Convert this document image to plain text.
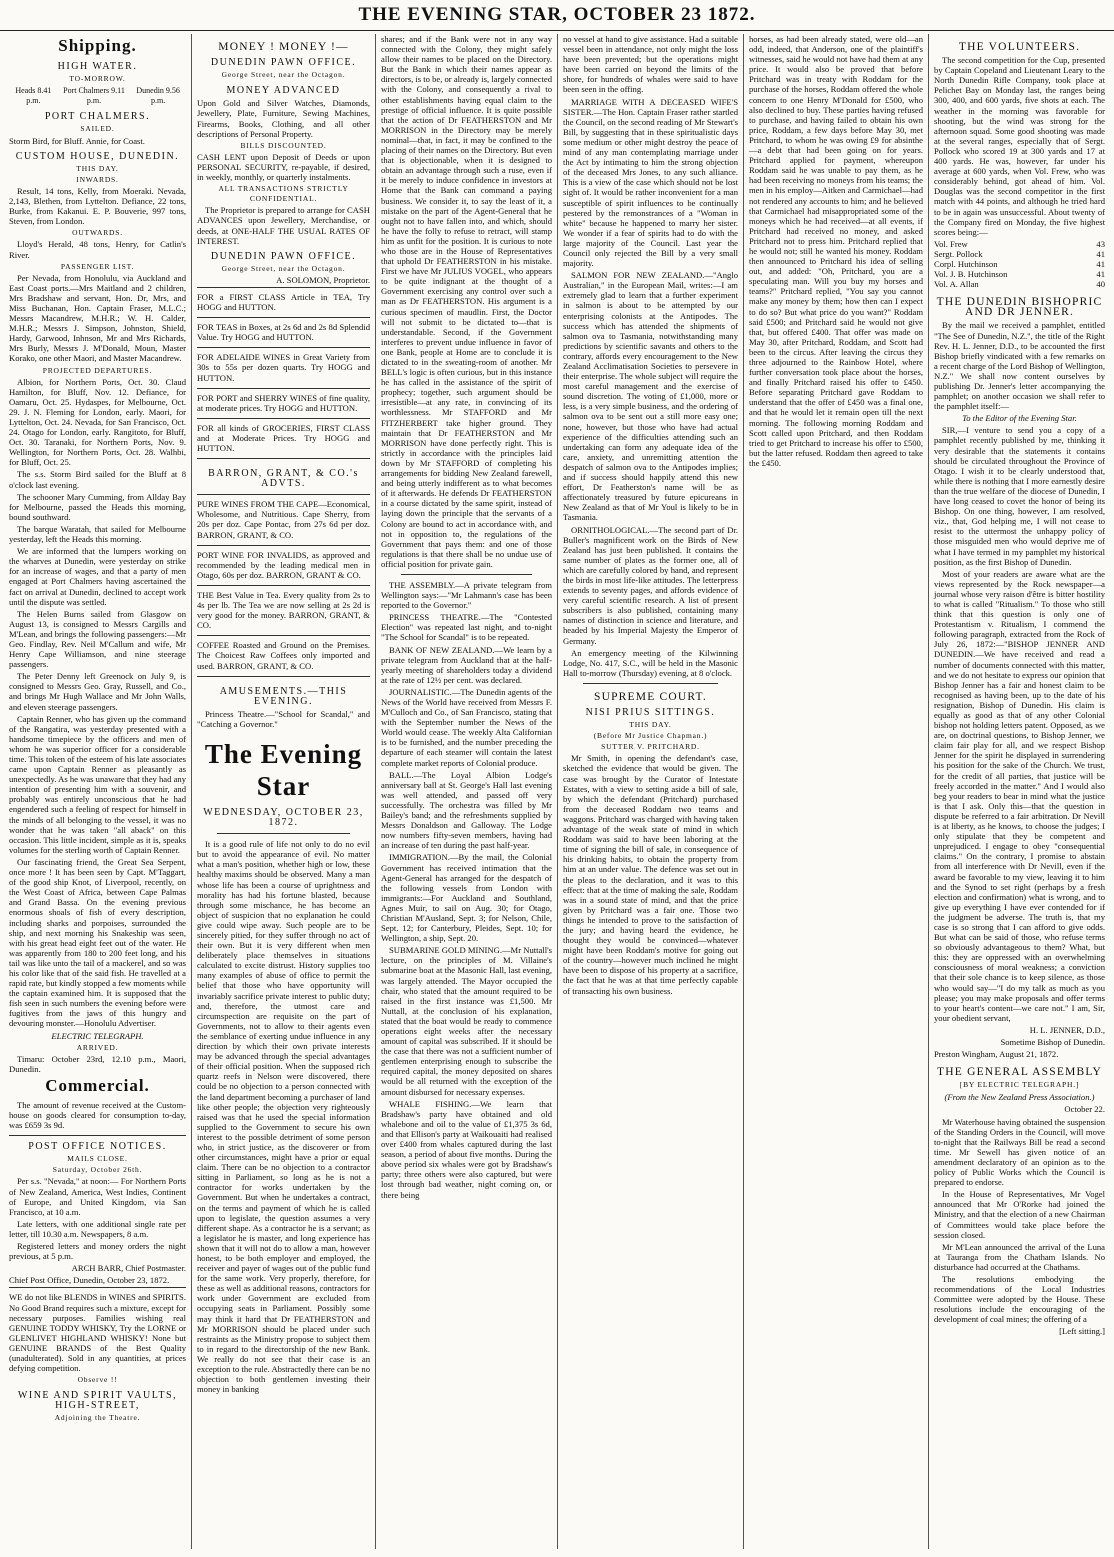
THE EVENING STAR, OCTOBER 23 1872.
Shipping.
HIGH WATER.
TO-MORROW.
Heads 8.41 p.m.
Port Chalmers 9.11 p.m.
Dunedin 9.56 p.m.
PORT CHALMERS.
SAILED.

Storm Bird, for Bluff. Annie, for Coast.

CUSTOM HOUSE, DUNEDIN.
THIS DAY.
INWARDS.

Result, 14 tons, Kelly, from Moeraki. Nevada, 2,143, Blethen, from Lyttelton. Defiance, 22 tons, Burke, from Kakanui. E. P. Bouverie, 997 tons, Steven, from London.

OUTWARDS.

Lloyd's Herald, 48 tons, Henry, for Catlin's River.

PASSENGER LIST.

Per Nevada, from Honolulu, via Auckland and East Coast ports.—Mrs Maitland and 2 children, Mrs Bradshaw and servant, Hon. Dr, Mrs, and Miss Buchanan, Hon. Captain Fraser, M.L.C.; Messrs Macandrew, M.H.R.; W. H. Calder, M.H.R.; Messrs J. Simpson, Johnston, Shield, Hardy, Garwood, Inhnson, Mr and Mrs Richards, Mrs Burly, Messrs J. M'Donald, Moun, Master Korako, one other Maori, and Master Macandrew.

PROJECTED DEPARTURES.

Albion, for Northern Ports, Oct. 30. Claud Hamilton, for Bluff, Nov. 12. Defiance, for Oamaru, Oct. 25. Hydaspes, for Melbourne, Oct. 29. J. N. Fleming for London, early. Maori, for Lyttelton, Oct. 24. Nevada, for San Francisco, Oct. 24. Otago for London, early. Rangitoto, for Bluff, Oct. 30. Taranaki, for Northern Ports, Nov. 9. Wellington, for Northern Ports, Oct. 28. Walhbi, for Bluff, Oct. 25.

The s.s. Storm Bird sailed for the Bluff at 8 o'clock last evening.

The schooner Mary Cumming, from Allday Bay for Melbourne, passed the Heads this morning, bound southward.

The barque Waratah, that sailed for Melbourne yesterday, left the Heads this morning.

We are informed that the lumpers working on the wharves at Dunedin, were yesterday on strike for an increase of wages, and that a party of men engaged at Port Chalmers having ascertained the fact on arrival at Dunedin, declined to accept work until the dispute was settled.

The Helen Burns sailed from Glasgow on August 13, is consigned to Messrs Cargills and M'Lean, and brings the following passengers:—Mr Geo. Findlay, Rev. Neil M'Callum and wife, Mr Henry Cape Williamson, and nine steerage passengers.

The Peter Denny left Greenock on July 9, is consigned to Messrs Geo. Gray, Russell, and Co., and brings Mr Hugh Wallace and Mr John Walls, and eleven steerage passengers.

Captain Renner, who has given up the command of the Rangatira, was yesterday presented with a handsome timepiece by the officers and men of whom he was superior officer for a considerable time. This token of the esteem of his late associates came upon Captain Renner as pleasantly as unexpectedly. As he was unaware that they had any intention of presenting him with a souvenir, and probably was entirely unconscious that he had engendered such a feeling of respect for himself in the minds of all belonging to the vessel, it was no wonder that he was taken "all aback" on this occasion. This little incident, simple as it is, speaks volumes for the sterling worth of Captain Renner.

Our fascinating friend, the Great Sea Serpent, once more ! It has been seen by Capt. M'Taggart, of the good ship Knot, of Liverpool, recently, on the West Coast of Africa, between Cape Palmas and Grand Bassa. On the evening previous enormous shoals of fish of every description, including sharks and porpoises, surrounded the ship, and next morning his Snakeship was seen, with his great head eight feet out of the water. He was apparently from 180 to 200 feet long, and his tail was like unto the tail of a mackerel, and so was his color like that of the said fish. He travelled at a rapid rate, but kindly stopped a few moments while the captain examined him. It is supposed that the fish seen in such numbers the evening before were fugitives from the jaws of this hungry and devouring monster.—Honolulu Advertiser.

ELECTRIC TELEGRAPH.
ARRIVED.

Timaru: October 23rd, 12.10 p.m., Maori, Dunedin.

Commercial.

The amount of revenue received at the Custom-house on goods cleared for consumption to-day, was £659 3s 9d.

POST OFFICE NOTICES.
MAILS CLOSE.
Saturday, October 26th.

Per s.s. "Nevada," at noon:— For Northern Ports of New Zealand, America, West Indies, Continent of Europe, and United Kingdom, via San Francisco, at 10 a.m.

Late letters, with one additional single rate per letter, till 10.30 a.m. Newspapers, 8 a.m.

Registered letters and money orders the night previous, at 5 p.m.

ARCH BARR, Chief Postmaster.

Chief Post Office, Dunedin, October 23, 1872.

WE do not like BLENDS in WINES and SPIRITS. No Good Brand requires such a mixture, except for necessary purposes. Families wishing real GENUINE TODDY WHISKY, Try the LORNE or GLENLIVET HIGHLAND WHISKY! None but GENUINE BRANDS of the Best Quality (unadulterated). Sold in any quantities, at prices defying competition.

Observe !!
WINE AND SPIRIT VAULTS, HIGH-STREET,
Adjoining the Theatre.
MONEY ! MONEY !—
DUNEDIN PAWN OFFICE.
George Street, near the Octagon.
MONEY ADVANCED

Upon Gold and Silver Watches, Diamonds, Jewellery, Plate, Furniture, Sewing Machines, Firearms, Books, Clothing, and all other descriptions of Personal Property.

BILLS DISCOUNTED.

CASH LENT upon Deposit of Deeds or upon PERSONAL SECURITY, re-payable, if desired, in weekly, monthly, or quarterly instalments.

ALL TRANSACTIONS STRICTLY CONFIDENTIAL.

The Proprietor is prepared to arrange for CASH ADVANCES upon Jewellery, Merchandise, or deeds, at ONE-HALF THE USUAL RATES OF INTEREST.

DUNEDIN PAWN OFFICE.
George Street, near the Octagon.

A. SOLOMON, Proprietor.

FOR a FIRST CLASS Article in TEA, Try HOGG and HUTTON.

FOR TEAS in Boxes, at 2s 6d and 2s 8d Splendid Value. Try HOGG and HUTTON.

FOR ADELAIDE WINES in Great Variety from 30s to 55s per dozen quarts. Try HOGG and HUTTON.

FOR PORT and SHERRY WINES of fine quality, at moderate prices. Try HOGG and HUTTON.

FOR all kinds of GROCERIES, FIRST CLASS and at Moderate Prices. Try HOGG and HUTTON.

BARRON, GRANT, & CO.'s ADVTS.

PURE WINES FROM THE CAPE—Economical, Wholesome, and Nutritious. Cape Sherry, from 20s per doz. Cape Pontac, from 27s 6d per doz. BARRON, GRANT, & CO.

PORT WINE FOR INVALIDS, as approved and recommended by the leading medical men in Otago, 60s per doz. BARRON, GRANT & CO.

THE Best Value in Tea. Every quality from 2s to 4s per lb. The Tea we are now selling at 2s 2d is very good for the money. BARRON, GRANT, & CO.

COFFEE Roasted and Ground on the Premises. The Choicest Raw Coffees only imported and used. BARRON, GRANT, & CO.

AMUSEMENTS.—THIS EVENING.

Princess Theatre.—"School for Scandal," and "Catching a Governor."

The Evening Star
WEDNESDAY, OCTOBER 23, 1872.

It is a good rule of life not only to do no evil but to avoid the appearance of evil. No matter what a man's position, whether high or low, these healthy maxims should be observed. Many a man whose life has been a course of uprightness and morality has had his fortune blasted, because through some mischance, he has become an object of suspicion that no explanation he could give could wipe away. Such people are to be sincerely pitied, for they suffer through no act of their own. But it is very different when men deliberately place themselves in situations calculated to excite distrust. History supplies too many examples of abuse of office to permit the belief that those who have opportunity will invariably sacrifice private interest to public duty; and, therefore, the utmost care and circumspection are requisite on the part of Governments, not to allow to their agents even the semblance of exerting undue influence in any direction by which their own private interests may be advanced through the special advantages of their official position. When the supposed rich quartz reefs in Nelson were discovered, there could be no objection to a person connected with the land department becoming a purchaser of land like other people; the objection very righteously raised was that he used the special information supplied to the Government to secure his own interest to the possible detriment of some person who, in strict justice, as the discoverer or from other circumstances, might have a prior or equal claim. There can be no objection to a contractor sitting in Parliament, so long as he is not a contractor for works undertaken by the Government. But when he undertakes a contract, on the terms and payment of which he is called upon to legislate, the question assumes a very different shape. As a contractor he is a servant; as a legislator he is master, and long experience has shown that it will not do to allow a man, however honest, to be both employer and employed, the receiver and payer of wages out of the public fund for the same work. Very properly, therefore, for these as well as additional reasons, contractors for work under Government are excluded from occupying seats in Parliament. Possibly some may think it hard that Dr FEATHERSTON and Mr MORRISON should be placed under such restraints as the Ministry propose to subject them to in regard to the directorship of the new Bank. We really do not see that their case is an exception to the rule. Abstractedly there can be no objection to both gentlemen investing their money in banking

shares; and if the Bank were not in any way connected with the Colony, they might safely allow their names to be placed on the Directory. But the Bank in which their names appear as directors, is to be, or already is, largely connected with the Colony, and consequently a rival to other establishments having equal claim to the prestige of official influence. It is quite possible that the action of Dr FEATHERSTON and Mr MORRISON in the Directory may be merely nominal—that, in fact, it may be confined to the placing of their names on the Directory. But even that is objectionable, when it is designed to obtain an advantage through such a ruse, even if it be merely to induce confidence in investors at Home that the Bank can command a paying business. We consider it, to say the least of it, a mistake on the part of the Agent-General that he ought not to have fallen into, and which, should he have the folly to refuse to retract, will stamp him as unfit for the position. It is curious to note who those are in the House of Representatives that uphold Dr FEATHERSTON in his mistake. First we have Mr JULIUS VOGEL, who appears to be quite indignant at the thought of a Government exercising any control over such a man as Dr FEATHERSTON. His argument is a curious specimen of maudlin. First, the Doctor will not submit to be dictated to—that is understandable. Second, if the Government interferes to prevent undue influence in favor of one Bank, people at Home are to conclude it is dictated to in the sweating-room of another. Mr BELL's logic is often curious, but in this instance he has called in the assistance of the spirit of prophecy; together, such argument should be irresistible—at any rate, in convincing of its worthlessness. Mr STAFFORD and Mr FITZHERBERT take higher ground. They maintain that Dr FEATHERSTON and Mr MORRISON have done perfectly right. This is strictly in accordance with the principles laid down by Mr STAFFORD of completing his arrangements for bidding New Zealand farewell, and being utterly indifferent as to what becomes of it afterwards. He defends Dr FEATHERSTON in a course dictated by the same spirit, instead of laying down the principle that the servants of a Colony are bound to act in accordance with, and not in opposition to, the regulations of the Government that pays them: and one of those regulations is that there shall be no undue use of official position for private gain.

THE ASSEMBLY.—A private telegram from Wellington says:—"Mr Lahmann's case has been reported to the Governor."

PRINCESS THEATRE.—The "Contested Election" was repeated last night, and to-night "The School for Scandal" is to be repeated.

BANK OF NEW ZEALAND.—We learn by a private telegram from Auckland that at the half-yearly meeting of shareholders today a dividend at the rate of 12½ per cent. was declared.

JOURNALISTIC.—The Dunedin agents of the News of the World have received from Messrs F. M'Culloch and Co., of San Francisco, stating that with the September number the News of the World would cease. The weekly Alta Californian is to be furnished, and the number preceding the departure of each steamer will contain the latest complete market reports of Colonial produce.

BALL.—The Loyal Albion Lodge's anniversary ball at St. George's Hall last evening was well attended, and passed off very successfully. The orchestra was filled by Mr Bailey's band; and the refreshments supplied by Messrs Donaldson and Galloway. The Lodge now numbers fifty-seven members, having had an increase of ten during the past half-year.

IMMIGRATION.—By the mail, the Colonial Government has received intimation that the Agent-General has arranged for the despatch of the following vessels from London with immigrants:—For Auckland and Southland, Agnes Muir, to sail on Aug. 30; for Otago, Christian M'Ausland, Sept. 3; for Nelson, Chile, Sept. 12; for Canterbury, Pleides, Sept. 10; for Wellington, a ship, Sept. 20.

SUBMARINE GOLD MINING.—Mr Nuttall's lecture, on the principles of M. Villaine's submarine boat at the Masonic Hall, last evening, was largely attended. The Mayor occupied the chair, who stated that the amount required to be raised in the first instance was £1,500. Mr Nuttall, at the conclusion of his explanation, stated that the boat would be ready to commence operations eight weeks after the necessary amount of capital was subscribed. If it should be the case that there was not a sufficient number of gentlemen enterprising enough to subscribe the required capital, the money deposited on shares would be all returned with the exception of the amount disbursed for necessary expenses.

WHALE FISHING.—We learn that Bradshaw's party have obtained and old whalebone and oil to the value of £1,375 3s 6d, and that Ellison's party at Waikouaiti had realised over £400 from whales captured during the last season, a period of about five months. During the above period six whales were got by Bradshaw's party; three others were also captured, but were lost through bad weather, night coming on, or there being

no vessel at hand to give assistance. Had a suitable vessel been in attendance, not only might the loss have been prevented; but the operations might have been carried on beyond the limits of the shore, for hundreds of whales were said to have been seen in the offing.

MARRIAGE WITH A DECEASED WIFE'S SISTER.—The Hon. Captain Fraser rather startled the Council, on the second reading of Mr Stewart's Bill, by suggesting that in these spiritualistic days some medium or other might destroy the peace of mind of any man contemplating marriage under the Act by intimating to him the strong objection of the deceased Mrs Jones, to any such alliance. This is a view of the case which should not be lost sight of. It would be rather inconvenient for a man susceptible of spirit influences to be continually pestered by the remonstrances of a "Woman in white" because he happened to marry her sister. We wonder if a fear of spirits had to do with the large majority of the Council. Last year the Council only rejected the Bill by a very small majority.

SALMON FOR NEW ZEALAND.—"Anglo Australian," in the European Mail, writes:—I am extremely glad to learn that a further experiment in salmon is about to be attempted by our enterprising colonists at the Antipodes. The success which has attended the shipments of salmon ova to Tasmania, notwithstanding many predictions by scientific savants and others to the contrary, affords every encouragement to the New Zealand Acclimatisation Societies to persevere in their enterprise. The whole subject will require the most careful management and the exercise of sound discretion. The voting of £1,000, more or less, is a very simple business, and the ordering of salmon ova to be sent out a still more easy one; none, however, but those who have had actual experience of the difficulties attending such an undertaking can form any adequate idea of the care, anxiety, and unremitting attention the despatch of salmon ova to the Antipodes implies; and if success should happily attend this new effort, Dr Featherston's name will be as affectionately treasured by future epicureans in New Zealand as that of Mr Youl is likely to be in Tasmania.

ORNITHOLOGICAL.—The second part of Dr. Buller's magnificent work on the Birds of New Zealand has just been published. It contains the same number of plates as the former one, all of which are carefully colored by hand, and represent the birds in most life-like attitudes. The letterpress extends to seventy pages, and affords evidence of very careful scientific research. A list of present subscribers is also published, containing many names of distinction in science and literature, and headed by his Imperial Majesty the Emperor of Germany.

An emergency meeting of the Kilwinning Lodge, No. 417, S.C., will be held in the Masonic Hall to-morrow (Thursday) evening, at 8 o'clock.

SUPREME COURT.
NISI PRIUS SITTINGS.
THIS DAY.
(Before Mr Justice Chapman.)
SUTTER V. PRITCHARD.

Mr Smith, in opening the defendant's case, sketched the evidence that would be given. The case was brought by the Curator of Intestate Estates, with a view to setting aside a bill of sale, by which the defendant (Pritchard) purchased from the deceased Roddam two teams and waggons. Pritchard was charged with having taken advantage of the weak state of mind in which Roddam was said to have been laboring at the time of signing the bill of sale, in consequence of his drinking habits, to obtain the property from him at an under value. The defence was set out in the pleas to the declaration, and it was to this effect: that at the time of making the sale, Roddam was in a sound state of mind, and that the price given by Pritchard was a fair one. Those two things he intended to prove to the satisfaction of the jury; and having heard the evidence, he thought they would be convinced—whatever might have been Roddam's motive for going out of the country—however much inclined he might have been to dispose of his property at a sacrifice, the fact that he was at that time perfectly capable of transacting his own business.

horses, as had been already stated, were old—an odd, indeed, that Anderson, one of the plaintiff's witnesses, said he would not have had them at any price. It would also be proved that before Pritchard was in treaty with Roddam for the purchase of the horses, Roddam offered the whole concern to one Henry M'Donald for £500, who also declined to buy. These parties having refused to purchase, and having failed to obtain his own price, Roddam, a few days before May 30, met Pritchard, to whom he was owing £9 for absinthe—a debt that had been going on for years. Pritchard applied for payment, whereupon Roddam said he was unable to pay them, as he had been receiving no moneys from his teams; the men in his employ—Aitken and Carmichael—had not rendered any accounts to him; and he believed that Carmichael had misappropriated some of the moneys which he had received—at all events, if Pritchard had received no money, and asked Pritchard not to press him. Pritchard replied that he would not; still he wanted his money. Roddam then announced to Pritchard his idea of selling out, and added: "Oh, Pritchard, you are a speculating man. Will you buy my horses and teams?" Pritchard replied, "You say you cannot make any money by them; how then can I expect to do so? But what price do you want?" Roddam said £500; and Pritchard said he would not give that, but offered £400. That offer was made on May 30, after Pritchard, Roddam, and Scott had been to the circus. After leaving the circus they three adjourned to the Rainbow Hotel, where further conversation took place about the horses, and finally Pritchard raised his offer to £450. Before separating Pritchard gave Roddam to understand that the offer of £450 was a final one, and that he would let it remain open till the next morning. The following morning Roddam and Scott called upon Pritchard, and then Roddam tried to get Pritchard to increase his offer to £500, but the latter refused. Roddam then agreed to take the £450.

THE VOLUNTEERS.

The second competition for the Cup, presented by Captain Copeland and Lieutenant Leary to the North Dunedin Rifle Company, took place at Pelichet Bay on Monday last, the ranges being 300, 400, and 600 yards, five shots at each. The weather in the morning was favorable for shooting, but the wind was strong for the afternoon squad. Some good shooting was made at the several ranges, especially that of Sergt. Pollock who scored 19 at 300 yards and 17 at 400 yards. He was, however, far under his average at 600 yards, when Vol. Frew, who was considerably behind, got ahead of him. Vol. Douglas was the second competitor in the first match with 44 points, and although he tried hard to be in again was unsuccessful. About twenty of the Company fired on Monday, the five highest scores being:—

Vol. Frew	43
Sergt. Pollock	41
Corpl. Hutchinson	41
Vol. J. B. Hutchinson	41
Vol. A. Allan	40
THE DUNEDIN BISHOPRIC AND DR JENNER.

By the mail we received a pamphlet, entitled "The See of Dunedin, N.Z.", the title of the Right Rev. H. L. Jenner, D.D., to be accounted the first Bishop briefly vindicated with a few remarks on a recent charge of the Lord Bishop of Wellington, N.Z." We shall now content ourselves by publishing Dr. Jenner's letter accompanying the pamphlet; on another occasion we shall refer to the pamphlet itself:—

To the Editor of the Evening Star.

SIR,—I venture to send you a copy of a pamphlet recently published by me, thinking it very desirable that the statements it contains should be circulated throughout the Province of Otago. I wish it to be clearly understood that, while there is nothing that I more earnestly desire than the true welfare of the diocese of Dunedin, I have long ceased to covet the honor of being its Bishop. On one thing, however, I am resolved, viz., that, God helping me, I will not cease to resist to the uttermost the unhappy policy of those misguided men who would deprive me of what I have termed in my pamphlet my historical position, as the first Bishop of Dunedin.

Most of your readers are aware what are the views represented by the Rock newspaper—a journal whose very raison d'être is bitter hostility to what is called "Ritualism." To those who still think that this question is only one of Protestantism v. Ritualism, I commend the following paragraph, extracted from the Rock of July 26, 1872:—"BISHOP JENNER AND DUNEDIN.—We have received and read a number of documents connected with this matter, and we do not hesitate to express our opinion that Bishop Jenner has a fair and honest claim to be recognised as having been, up to the date of his resignation, Bishop of Dunedin. His claim is equally as good as that of any other Colonial bishop not holding letters patent. Opposed, as we are, on doctrinal questions, to Bishop Jenner, we claim fair play for all, and we respect Bishop Jenner for the spirit he displayed in surrendering his position for the sake of the Church. We trust, for the credit of all parties, that justice will be freely accorded in the matter." And I would also beg your readers to bear in mind what the justice is that I ask. Only this—that the question in dispute be referred to a fair arbitration. Dr Nevill is at liberty, as he knows, to choose the judges; I only stipulate that they be competent and unprejudiced. I engage to obey "consequential claims." On the contrary, I promise to abstain from all interference with Dr Nevill, even if the award be favorable to my view, leaving it to him and the Synod to set right (perhaps by a fresh election and confirmation) what is wrong, and to give up everything I have ever contended for if the judgment be adverse. The truth is, that my case is so strong that I can afford to give odds. But what can be said of those, who refuse terms so obviously advantageous to them? What, but this: they are oppressed with an overwhelming consciousness of moral weakness; a conviction that their sole chance is to keep silence, as those who would say—"I do my talk as much as you please; you may make proposals and offer terms to your heart's content—we care not." I am, Sir, your obedient servant,

H. L. JENNER, D.D.,

Sometime Bishop of Dunedin.

Preston Wingham, August 21, 1872.

THE GENERAL ASSEMBLY
[BY ELECTRIC TELEGRAPH.]
(From the New Zealand Press Association.)

October 22.

Mr Waterhouse having obtained the suspension of the Standing Orders in the Council, will move to-night that the Railways Bill be read a second time. Mr Sewell has given notice of an amendment declaratory of an opinion as to the policy of Public Works which the Council is prepared to endorse.

In the House of Representatives, Mr Vogel announced that Mr O'Rorke had joined the Ministry, and that the election of a new Chairman of Committees would take place before the session closed.

Mr M'Lean announced the arrival of the Luna at Tauranga from the Chatham Islands. No disturbance had occurred at the Chathams.

The resolutions embodying the recommendations of the Local Industries Committee were adopted by the House. These resolutions include the encouraging of the development of coal mines; the offering of a

[Left sitting.]
